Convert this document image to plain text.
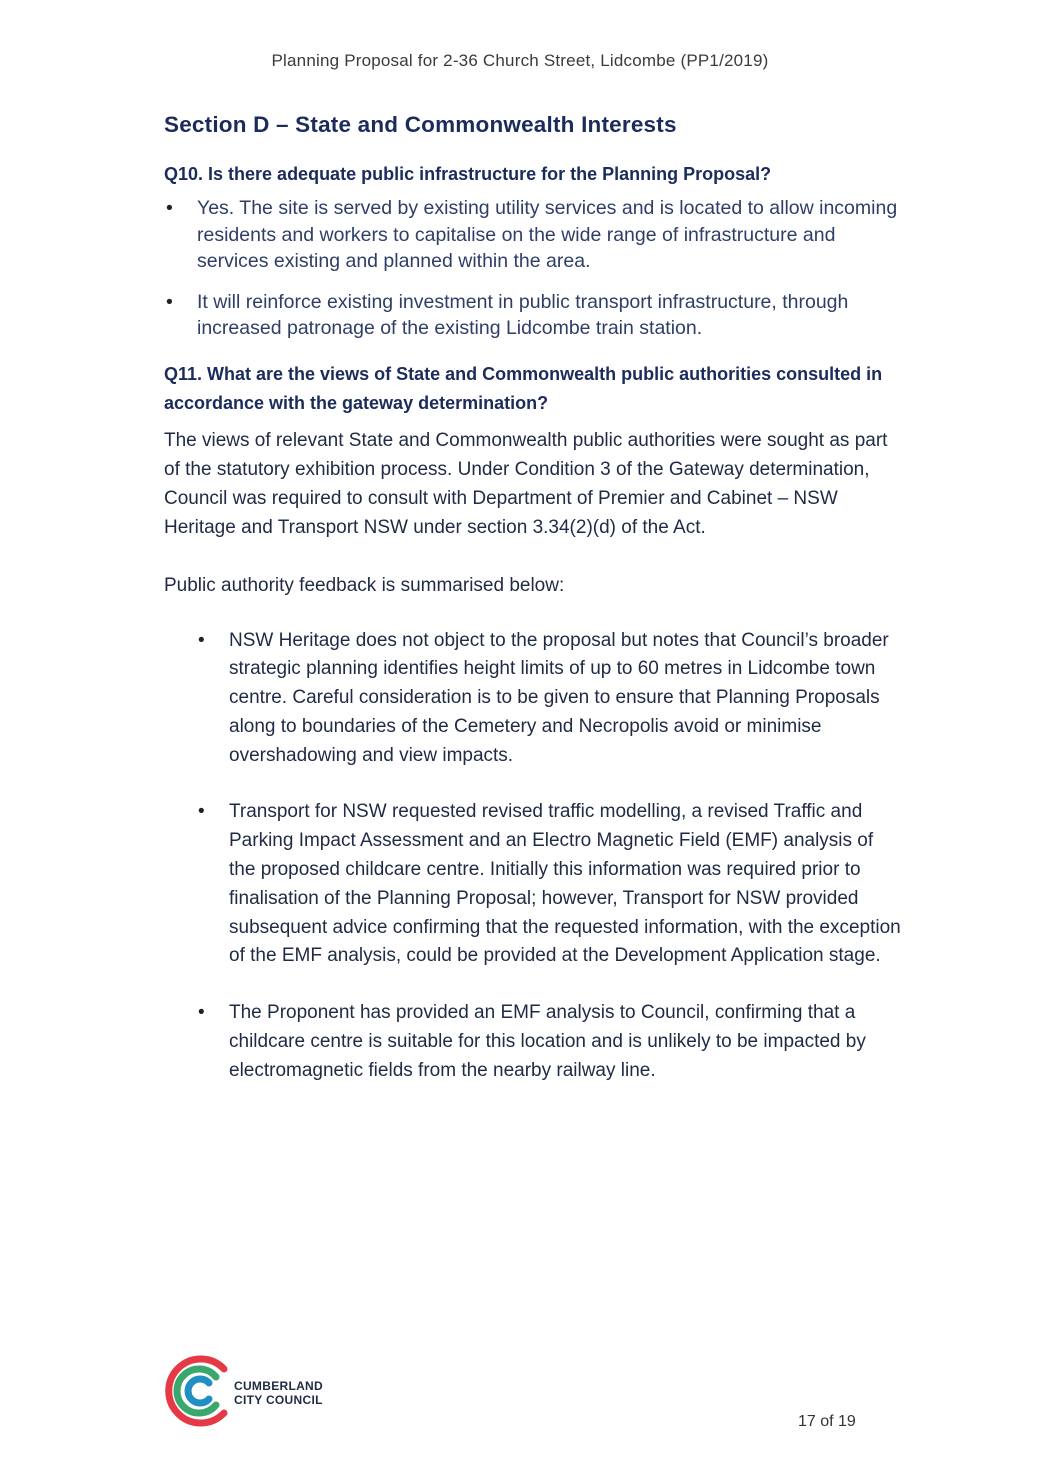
Planning Proposal for 2-36 Church Street, Lidcombe (PP1/2019)
Section D – State and Commonwealth Interests
Q10. Is there adequate public infrastructure for the Planning Proposal?
• Yes. The site is served by existing utility services and is located to allow incoming residents and workers to capitalise on the wide range of infrastructure and services existing and planned within the area.
• It will reinforce existing investment in public transport infrastructure, through increased patronage of the existing Lidcombe train station.
Q11. What are the views of State and Commonwealth public authorities consulted in accordance with the gateway determination?

The views of relevant State and Commonwealth public authorities were sought as part of the statutory exhibition process. Under Condition 3 of the Gateway determination, Council was required to consult with Department of Premier and Cabinet – NSW Heritage and Transport NSW under section 3.34(2)(d) of the Act.

Public authority feedback is summarised below:

• NSW Heritage does not object to the proposal but notes that Council’s broader strategic planning identifies height limits of up to 60 metres in Lidcombe town centre. Careful consideration is to be given to ensure that Planning Proposals along to boundaries of the Cemetery and Necropolis avoid or minimise overshadowing and view impacts.
• Transport for NSW requested revised traffic modelling, a revised Traffic and Parking Impact Assessment and an Electro Magnetic Field (EMF) analysis of the proposed childcare centre. Initially this information was required prior to finalisation of the Planning Proposal; however, Transport for NSW provided subsequent advice confirming that the requested information, with the exception of the EMF analysis, could be provided at the Development Application stage.
• The Proponent has provided an EMF analysis to Council, confirming that a childcare centre is suitable for this location and is unlikely to be impacted by electromagnetic fields from the nearby railway line.
CUMBERLAND
CITY COUNCIL
17 of 19
